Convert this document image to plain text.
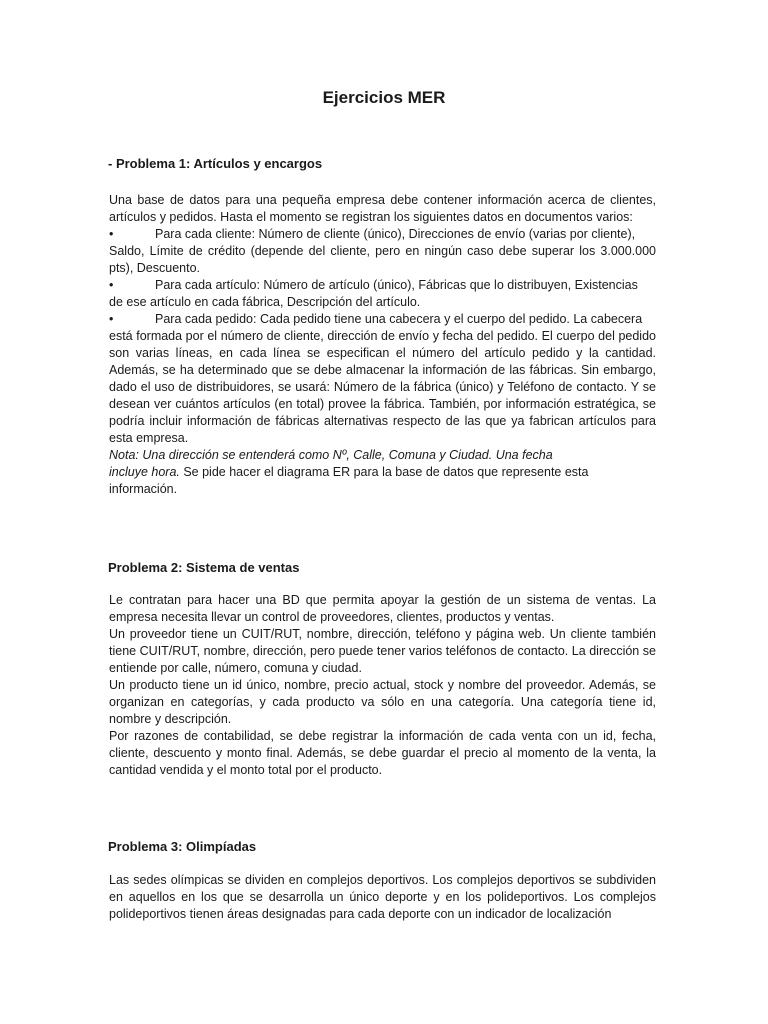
Ejercicios MER
- Problema 1: Artículos y encargos

Una base de datos para una pequeña empresa debe contener información acerca de clientes, artículos y pedidos. Hasta el momento se registran los siguientes datos en documentos varios:

•	Para cada cliente: Número de cliente (único), Direcciones de envío (varias por cliente),

Saldo, Límite de crédito (depende del cliente, pero en ningún caso debe superar los 3.000.000 pts), Descuento.

•	Para cada artículo: Número de artículo (único), Fábricas que lo distribuyen, Existencias

de ese artículo en cada fábrica, Descripción del artículo.

•	Para cada pedido: Cada pedido tiene una cabecera y el cuerpo del pedido. La cabecera

está formada por el número de cliente, dirección de envío y fecha del pedido. El cuerpo del pedido son varias líneas, en cada línea se especifican el número del artículo pedido y la cantidad. Además, se ha determinado que se debe almacenar la información de las fábricas. Sin embargo, dado el uso de distribuidores, se usará: Número de la fábrica (único) y Teléfono de contacto. Y se desean ver cuántos artículos (en total) provee la fábrica. También, por información estratégica, se podría incluir información de fábricas alternativas respecto de las que ya fabrican artículos para esta empresa.

Nota: Una dirección se entenderá como Nº, Calle, Comuna y Ciudad. Una fecha
incluye hora. Se pide hacer el diagrama ER para la base de datos que represente esta información.

Problema 2: Sistema de ventas

Le contratan para hacer una BD que permita apoyar la gestión de un sistema de ventas. La empresa necesita llevar un control de proveedores, clientes, productos y ventas.

Un proveedor tiene un CUIT/RUT, nombre, dirección, teléfono y página web. Un cliente también tiene CUIT/RUT, nombre, dirección, pero puede tener varios teléfonos de contacto. La dirección se entiende por calle, número, comuna y ciudad.

Un producto tiene un id único, nombre, precio actual, stock y nombre del proveedor. Además, se organizan en categorías, y cada producto va sólo en una categoría. Una categoría tiene id, nombre y descripción.

Por razones de contabilidad, se debe registrar la información de cada venta con un id, fecha, cliente, descuento y monto final. Además, se debe guardar el precio al momento de la venta, la cantidad vendida y el monto total por el producto.

Problema 3: Olimpíadas

Las sedes olímpicas se dividen en complejos deportivos. Los complejos deportivos se subdividen en aquellos en los que se desarrolla un único deporte y en los polideportivos. Los complejos polideportivos tienen áreas designadas para cada deporte con un indicador de localización
